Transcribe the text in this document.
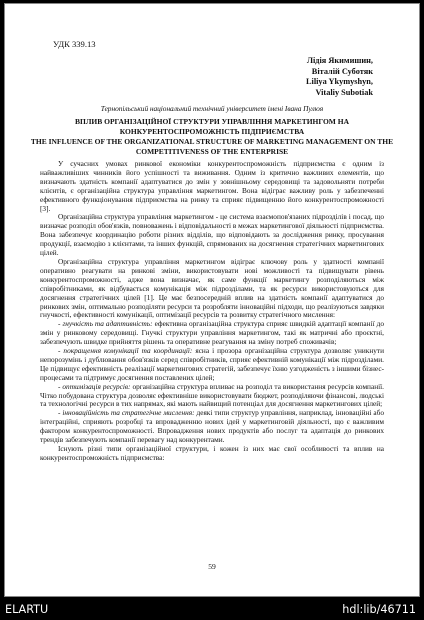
УДК 339.13
Лідія Якимишин,
Віталій Суботяк
Liliya Ykymyshyn,
Vitaliy Subotiak
Тернопільський національний технічний університет імені Івана Пулюя
ВПЛИВ ОРГАНІЗАЦІЙНОЇ СТРУКТУРИ УПРАВЛІННЯ МАРКЕТИНГОМ НА КОНКУРЕНТОСПРОМОЖНІСТЬ ПІДПРИЄМСТВА
THE INFLUENCE OF THE ORGANIZATIONAL STRUCTURE OF MARKETING MANAGEMENT ON THE COMPETITIVENESS OF THE ENTERPRISE

У сучасних умовах ринкової економіки конкурентоспроможність підприємства є одним із найважливіших чинників його успішності та виживання. Одним із критично важливих елементів, що визначають здатність компанії адаптуватися до змін у зовнішньому середовищі та задовольняти потреби клієнтів, є організаційна структура управління маркетингом. Вона відіграє важливу роль у забезпеченні ефективного функціонування підприємства на ринку та сприяє підвищенню його конкурентоспроможності [3].

Організаційна структура управління маркетингом - це система взаємопов'язаних підрозділів і посад, що визначає розподіл обов'язків, повноважень і відповідальності в межах маркетингової діяльності підприємства. Вона забезпечує координацію роботи різних відділів, що відповідають за дослідження ринку, просування продукції, взаємодію з клієнтами, та інших функцій, спрямованих на досягнення стратегічних маркетингових цілей.

Організаційна структура управління маркетингом відіграє ключову роль у здатності компанії оперативно реагувати на ринкові зміни, використовувати нові можливості та підвищувати рівень конкурентоспроможності, адже вона визначає, як саме функції маркетингу розподіляються між співробітниками, як відбувається комунікація між підрозділами, та як ресурси використовуються для досягнення стратегічних цілей [1]. Це має безпосередній вплив на здатність компанії адаптуватися до ринкових змін, оптимально розподіляти ресурси та розробляти інноваційні підходи, що реалізуються завдяки гнучкості, ефективності комунікації, оптимізації ресурсів та розвитку стратегічного мислення:

- гнучкість та адаптивність: ефективна організаційна структура сприяє швидкій адаптації компанії до змін у ринковому середовищі. Гнучкі структури управління маркетингом, такі як матричні або проєктні, забезпечують швидке прийняття рішень та оперативне реагування на зміну потреб споживачів;

- покращення комунікації та координації: ясна і прозора організаційна структура дозволяє уникнути непорозумінь і дублювання обов'язків серед співробітників, сприяє ефективній комунікації між підрозділами. Це підвищує ефективність реалізації маркетингових стратегій, забезпечує їхню узгодженість з іншими бізнес-процесами та підтримує досягнення поставлених цілей;

- оптимізація ресурсів: організаційна структура впливає на розподіл та використання ресурсів компанії. Чітко побудована структура дозволяє ефективніше використовувати бюджет, розподіляючи фінансові, людські та технологічні ресурси в тих напрямах, які мають найвищий потенціал для досягнення маркетингових цілей;

- інноваційність та стратегічне мислення: деякі типи структур управління, наприклад, інноваційні або інтеграційні, сприяють розробці та впровадженню нових ідей у маркетинговій діяльності, що є важливим фактором конкурентоспроможності. Впровадження нових продуктів або послуг та адаптація до ринкових трендів забезпечують компанії перевагу над конкурентами.

Існують різні типи організаційної структури, і кожен із них має свої особливості та вплив на конкурентоспроможність підприємства:

59
ELARTU	hdl:lib/46711
